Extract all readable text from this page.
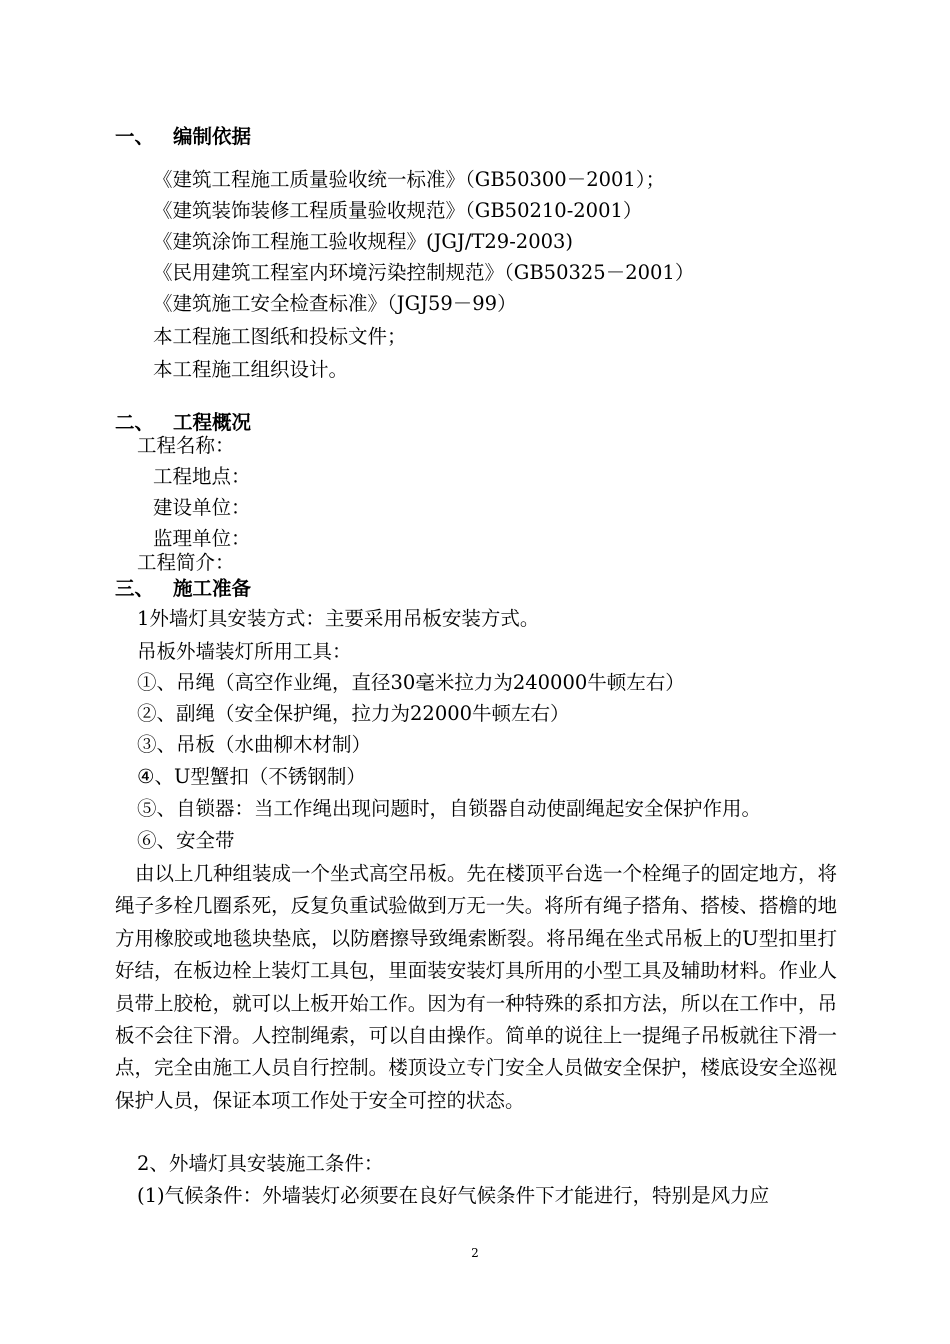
一、 编制依据
《建筑工程施工质量验收统一标准》（GB50300－2001）；
《建筑装饰装修工程质量验收规范》（GB50210-2001）
《建筑涂饰工程施工验收规程》(JGJ/T29-2003)
《民用建筑工程室内环境污染控制规范》（GB50325－2001）
《建筑施工安全检查标准》（JGJ59－99）
本工程施工图纸和投标文件；
本工程施工组织设计。
二、 工程概况
工程名称：
工程地点：
建设单位：
监理单位：
工程简介：
三、 施工准备
1外墙灯具安装方式：主要采用吊板安装方式。
吊板外墙装灯所用工具：
①、吊绳（高空作业绳，直径30毫米拉力为240000牛顿左右）
②、副绳（安全保护绳，拉力为22000牛顿左右）
③、吊板（水曲柳木材制）
④、U型蟹扣（不锈钢制）
⑤、自锁器：当工作绳出现问题时，自锁器自动使副绳起安全保护作用。
⑥、安全带
由以上几种组装成一个坐式高空吊板。先在楼顶平台选一个栓绳子的固定地方，将绳子多栓几圈系死，反复负重试验做到万无一失。将所有绳子搭角、搭棱、搭檐的地方用橡胶或地毯块垫底，以防磨擦导致绳索断裂。将吊绳在坐式吊板上的U型扣里打好结，在板边栓上装灯工具包，里面装安装灯具所用的小型工具及辅助材料。作业人员带上胶枪，就可以上板开始工作。因为有一种特殊的系扣方法，所以在工作中，吊板不会往下滑。人控制绳索，可以自由操作。简单的说往上一提绳子吊板就往下滑一点，完全由施工人员自行控制。楼顶设立专门安全人员做安全保护，楼底设安全巡视保护人员，保证本项工作处于安全可控的状态。
2、外墙灯具安装施工条件：
(1)气候条件：外墙装灯必须要在良好气候条件下才能进行，特别是风力应
2
